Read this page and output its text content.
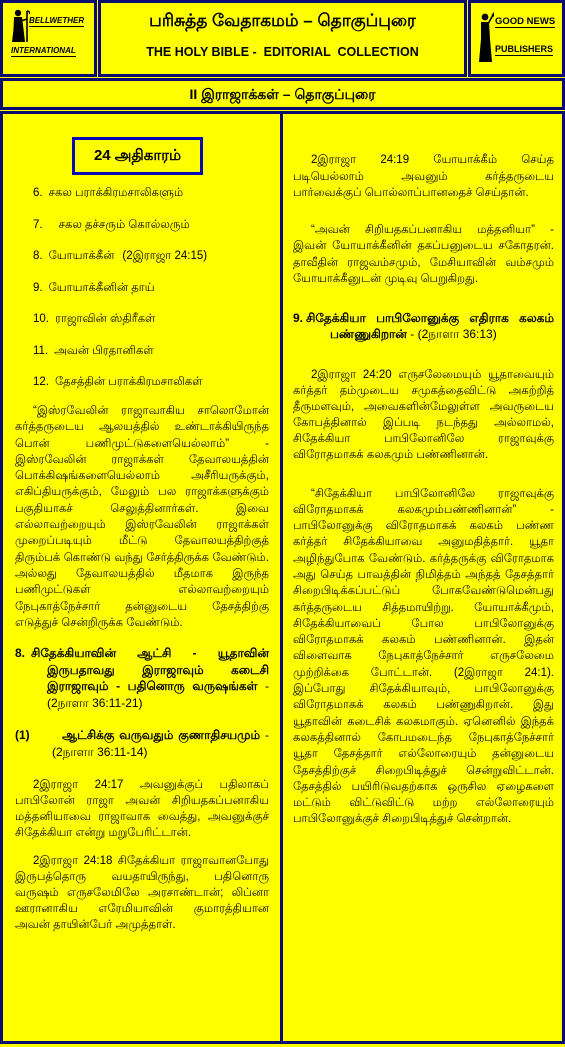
BELLWETHER
INTERNATIONAL
பரிசுத்த வேதாகமம் – தொகுப்புரை
THE HOLY BIBLE -  EDITORIAL  COLLECTION
GOOD NEWS
PUBLISHERS
II இராஜாக்கள் – தொகுப்புரை
24 அதிகாரம்
6. சகல பராக்கிரமசாலிகளும்
7. சகல தச்சரும் கொல்லரும்
8. யோயாக்கீன் (2இராஜா 24:15)
9. யோயாக்கீனின் தாய்
10. ராஜாவின் ஸ்திரீகள்
11. அவன் பிரதானிகள்
12. தேசத்தின் பராக்கிரமசாலிகள்

“இஸ்ரவேலின் ராஜாவாகிய சாலொமோன் கர்த்தருடைய ஆலயத்தில் உண்டாக்கியிருந்த பொன் பணிமுட்டுகளையெல்லாம்” - இஸ்ரவேலின் ராஜாக்கள் தேவாலயத்தின் பொக்கிஷங்களையெல்லாம் அசீரியருக்கும், எகிப்தியருக்கும், மேலும் பல ராஜாக்களுக்கும் பகுதியாகச் செலுத்தினார்கள். இவை எல்லாவற்றையும் இஸ்ரவேலின் ராஜாக்கள் முறைப்படியும் மீட்டு தேவாலயத்திற்குத் திரும்பக் கொண்டு வந்து சேர்த்திருக்க வேண்டும். அல்லது தேவாலயத்தில் மீதமாக இருந்த பணிமுட்டுகள் எல்லாவற்றையும் நேபுகாத்நேச்சார் தன்னுடைய தேசத்திற்கு எடுத்துச் சென்றிருக்க வேண்டும்.

8. சிதேக்கியாவின் ஆட்சி - யூதாவின் இருபதாவது இராஜாவும் கடைசி இராஜாவும் - பதினொரு வருஷங்கள் - (2நாளா 36:11-21)

(1)	ஆட்சிக்கு வருவதும் குணாதிசயமும் - (2நாளா 36:11-14)

2இராஜா 24:17 அவனுக்குப் பதிலாகப் பாபிலோன் ராஜா அவன் சிறியதகப்பனாகிய மத்தனியாவை ராஜாவாக வைத்து, அவனுக்குச் சிதேக்கியா என்று மறுபேரிட்டான்.

2இராஜா 24:18 சிதேக்கியா ராஜாவானபோது இருபத்தொரு வயதாயிருந்து, பதினொரு வருஷம் எருசலேமிலே அரசாண்டான்; லிப்னா ஊரானாகிய எரேமியாவின் குமாரத்தியான அவன் தாயின்பேர் அமுத்தாள்.

2இராஜா 24:19 யோயாக்கீம் செய்த படியெல்லாம் அவனும் கர்த்தருடைய பார்வைக்குப் பொல்லாப்பானதைச் செய்தான்.

“அவன் சிறியதகப்பனாகிய மத்தனியா” - இவன் யோயாக்கீனின் தகப்பனுடைய சகோதரன். தாவீதின் ராஜவம்சமும், மேசியாவின் வம்சமும் யோயாக்கீனுடன் முடிவு பெறுகிறது.

9. சிதேக்கியா பாபிலோனுக்கு எதிராக கலகம் பண்ணுகிறான் - (2நாளா 36:13)

2இராஜா 24:20 எருசலேமையும் யூதாவையும் கர்த்தர் தம்முடைய சமுகத்தைவிட்டு அகற்றித் தீருமளவும், அவைகளின்மேலுள்ள அவருடைய கோபத்தினால் இப்படி நடந்தது அல்லாமல், சிதேக்கியா பாபிலோனிலே ராஜாவுக்கு விரோதமாகக் கலகமும் பண்ணினான்.

“சிதேக்கியா பாபிலோனிலே ராஜாவுக்கு விரோதமாகக் கலகமும்பண்ணினான்” - பாபிலோனுக்கு விரோதமாகக் கலகம் பண்ண கர்த்தர் சிதேக்கியாவை அனுமதித்தார். யூதா அழிந்துபோக வேண்டும். கர்த்தருக்கு விரோதமாக அது செய்த பாவத்தின் நிமித்தம் அந்தத் தேசத்தார் சிறைபிடிக்கப்பட்டுப் போகவேண்டுமென்பது கர்த்தருடைய சித்தமாயிற்று. யோயாக்கீமும், சிதேக்கியாவைப் போல பாபிலோனுக்கு விரோதமாகக் கலகம் பண்ணினான். இதன் விளைவாக நேபுகாத்நேச்சார் எருசலேமை முற்றிக்கை போட்டான். (2இராஜா 24:1). இப்போது சிதேக்கியாவும், பாபிலோனுக்கு விரோதமாகக் கலகம் பண்ணுகிறான். இது யூதாவின் கடைசிக் கலகமாகும். ஏனெனில் இந்தக் கலகத்தினால் கோபமடைந்த நேபுகாத்நேச்சார் யூதா தேசத்தார் எல்லோரையும் தன்னுடைய தேசத்திற்குச் சிறைபிடித்துச் சென்றுவிட்டான். தேசத்தில் பயிரிடுவதற்காக ஒருசில ஏழைகளை மட்டும் விட்டுவிட்டு மற்ற எல்லோரையும் பாபிலோனுக்குச் சிறைபிடித்துச் சென்றான்.
